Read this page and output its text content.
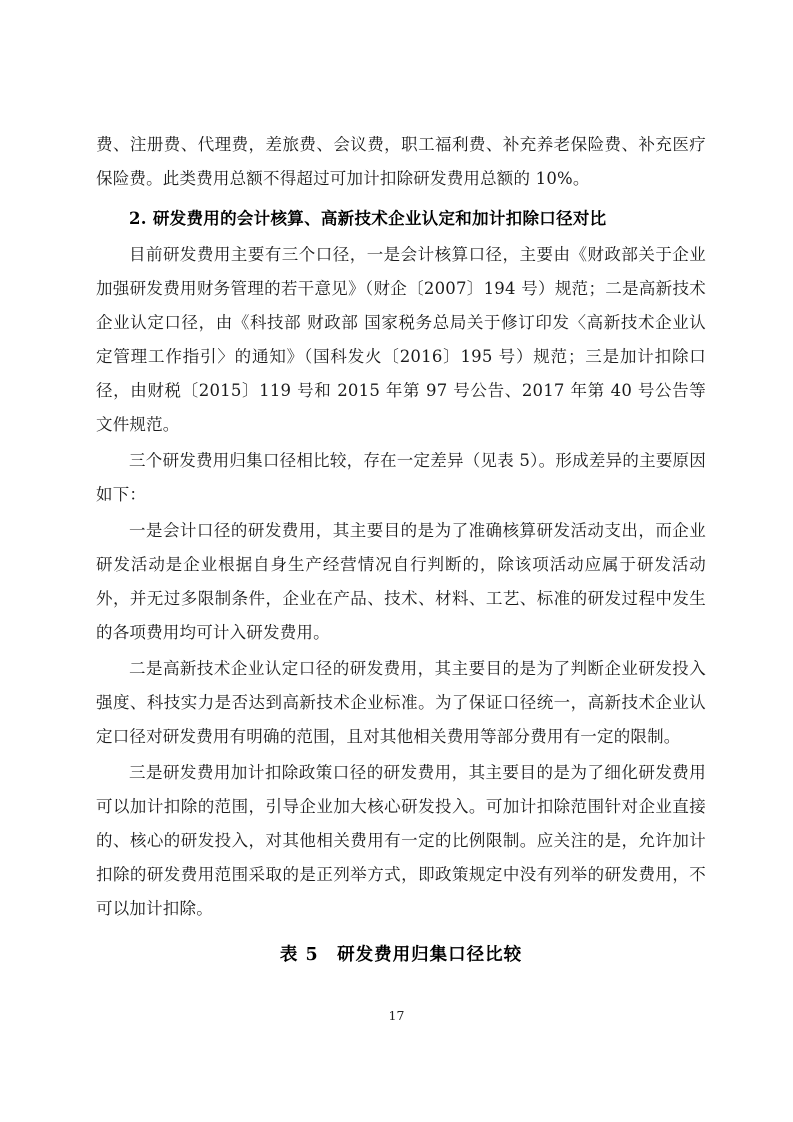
费、注册费、代理费，差旅费、会议费，职工福利费、补充养老保险费、补充医疗保险费。此类费用总额不得超过可加计扣除研发费用总额的 10%。

2. 研发费用的会计核算、高新技术企业认定和加计扣除口径对比

目前研发费用主要有三个口径，一是会计核算口径，主要由《财政部关于企业加强研发费用财务管理的若干意见》（财企〔2007〕194 号）规范；二是高新技术企业认定口径，由《科技部 财政部 国家税务总局关于修订印发〈高新技术企业认定管理工作指引〉的通知》（国科发火〔2016〕195 号）规范；三是加计扣除口径，由财税〔2015〕119 号和 2015 年第 97 号公告、2017 年第 40 号公告等文件规范。

三个研发费用归集口径相比较，存在一定差异（见表 5）。形成差异的主要原因如下：

一是会计口径的研发费用，其主要目的是为了准确核算研发活动支出，而企业研发活动是企业根据自身生产经营情况自行判断的，除该项活动应属于研发活动外，并无过多限制条件，企业在产品、技术、材料、工艺、标准的研发过程中发生的各项费用均可计入研发费用。

二是高新技术企业认定口径的研发费用，其主要目的是为了判断企业研发投入强度、科技实力是否达到高新技术企业标准。为了保证口径统一，高新技术企业认定口径对研发费用有明确的范围，且对其他相关费用等部分费用有一定的限制。

三是研发费用加计扣除政策口径的研发费用，其主要目的是为了细化研发费用可以加计扣除的范围，引导企业加大核心研发投入。可加计扣除范围针对企业直接的、核心的研发投入，对其他相关费用有一定的比例限制。应关注的是，允许加计扣除的研发费用范围采取的是正列举方式，即政策规定中没有列举的研发费用，不可以加计扣除。

表 5　研发费用归集口径比较

17
